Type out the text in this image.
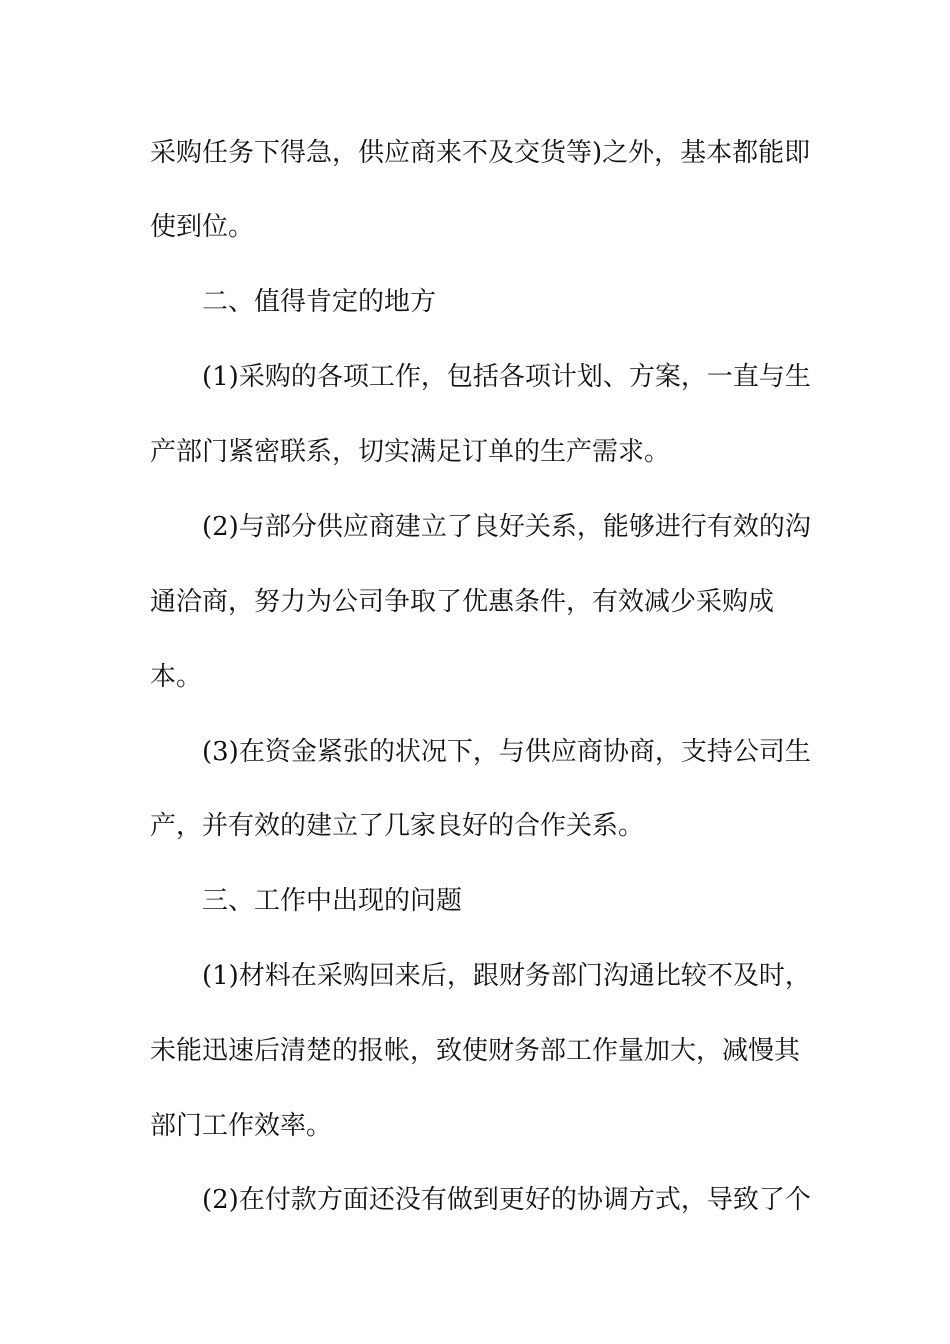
采购任务下得急，供应商来不及交货等)之外，基本都能即
使到位。
二、值得肯定的地方
(1)采购的各项工作，包括各项计划、方案，一直与生
产部门紧密联系，切实满足订单的生产需求。
(2)与部分供应商建立了良好关系，能够进行有效的沟
通洽商，努力为公司争取了优惠条件，有效减少采购成
本。
(3)在资金紧张的状况下，与供应商协商，支持公司生
产，并有效的建立了几家良好的合作关系。
三、工作中出现的问题
(1)材料在采购回来后，跟财务部门沟通比较不及时，
未能迅速后清楚的报帐，致使财务部工作量加大，减慢其
部门工作效率。
(2)在付款方面还没有做到更好的协调方式，导致了个
